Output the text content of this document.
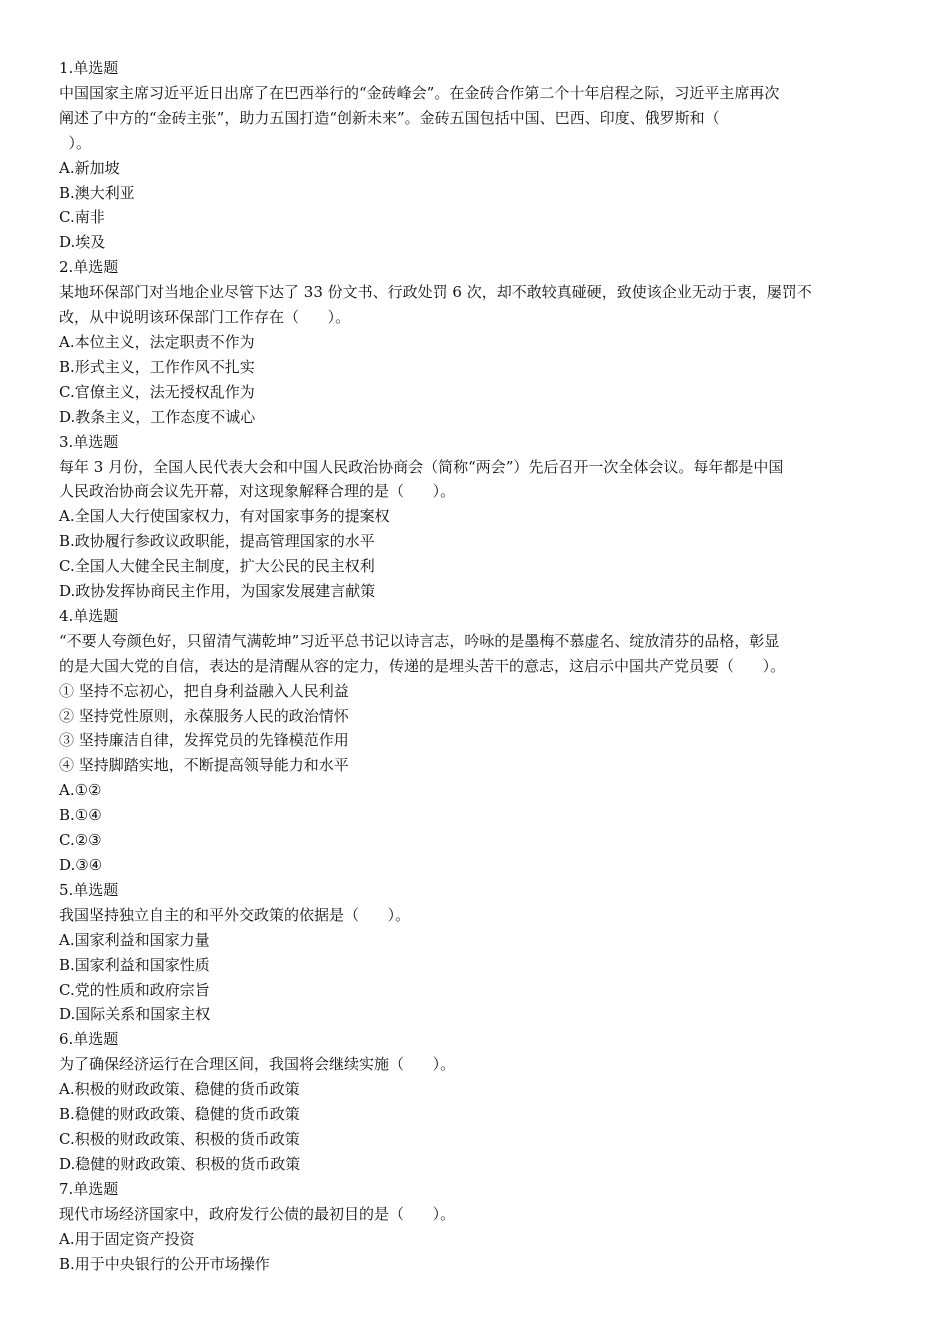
1.单选题
中国国家主席习近平近日出席了在巴西举行的“金砖峰会”。在金砖合作第二个十年启程之际，习近平主席再次
阐述了中方的“金砖主张”，助力五国打造“创新未来”。金砖五国包括中国、巴西、印度、俄罗斯和（
）。
A.新加坡
B.澳大利亚
C.南非
D.埃及
2.单选题
某地环保部门对当地企业尽管下达了 33 份文书、行政处罚 6 次，却不敢较真碰硬，致使该企业无动于衷，屡罚不
改，从中说明该环保部门工作存在（      ）。
A.本位主义，法定职责不作为
B.形式主义，工作作风不扎实
C.官僚主义，法无授权乱作为
D.教条主义，工作态度不诚心
3.单选题
每年 3 月份，全国人民代表大会和中国人民政治协商会（简称“两会”）先后召开一次全体会议。每年都是中国
人民政治协商会议先开幕，对这现象解释合理的是（      ）。
A.全国人大行使国家权力，有对国家事务的提案权
B.政协履行参政议政职能，提高管理国家的水平
C.全国人大健全民主制度，扩大公民的民主权利
D.政协发挥协商民主作用，为国家发展建言献策
4.单选题
“不要人夸颜色好，只留清气满乾坤”习近平总书记以诗言志，吟咏的是墨梅不慕虚名、绽放清芬的品格，彰显
的是大国大党的自信，表达的是清醒从容的定力，传递的是埋头苦干的意志，这启示中国共产党员要（      ）。
① 坚持不忘初心，把自身利益融入人民利益
② 坚持党性原则，永葆服务人民的政治情怀
③ 坚持廉洁自律，发挥党员的先锋模范作用
④ 坚持脚踏实地，不断提高领导能力和水平
A.①②
B.①④
C.②③
D.③④
5.单选题
我国坚持独立自主的和平外交政策的依据是（      ）。
A.国家利益和国家力量
B.国家利益和国家性质
C.党的性质和政府宗旨
D.国际关系和国家主权
6.单选题
为了确保经济运行在合理区间，我国将会继续实施（      ）。
A.积极的财政政策、稳健的货币政策
B.稳健的财政政策、稳健的货币政策
C.积极的财政政策、积极的货币政策
D.稳健的财政政策、积极的货币政策
7.单选题
现代市场经济国家中，政府发行公债的最初目的是（      ）。
A.用于固定资产投资
B.用于中央银行的公开市场操作
